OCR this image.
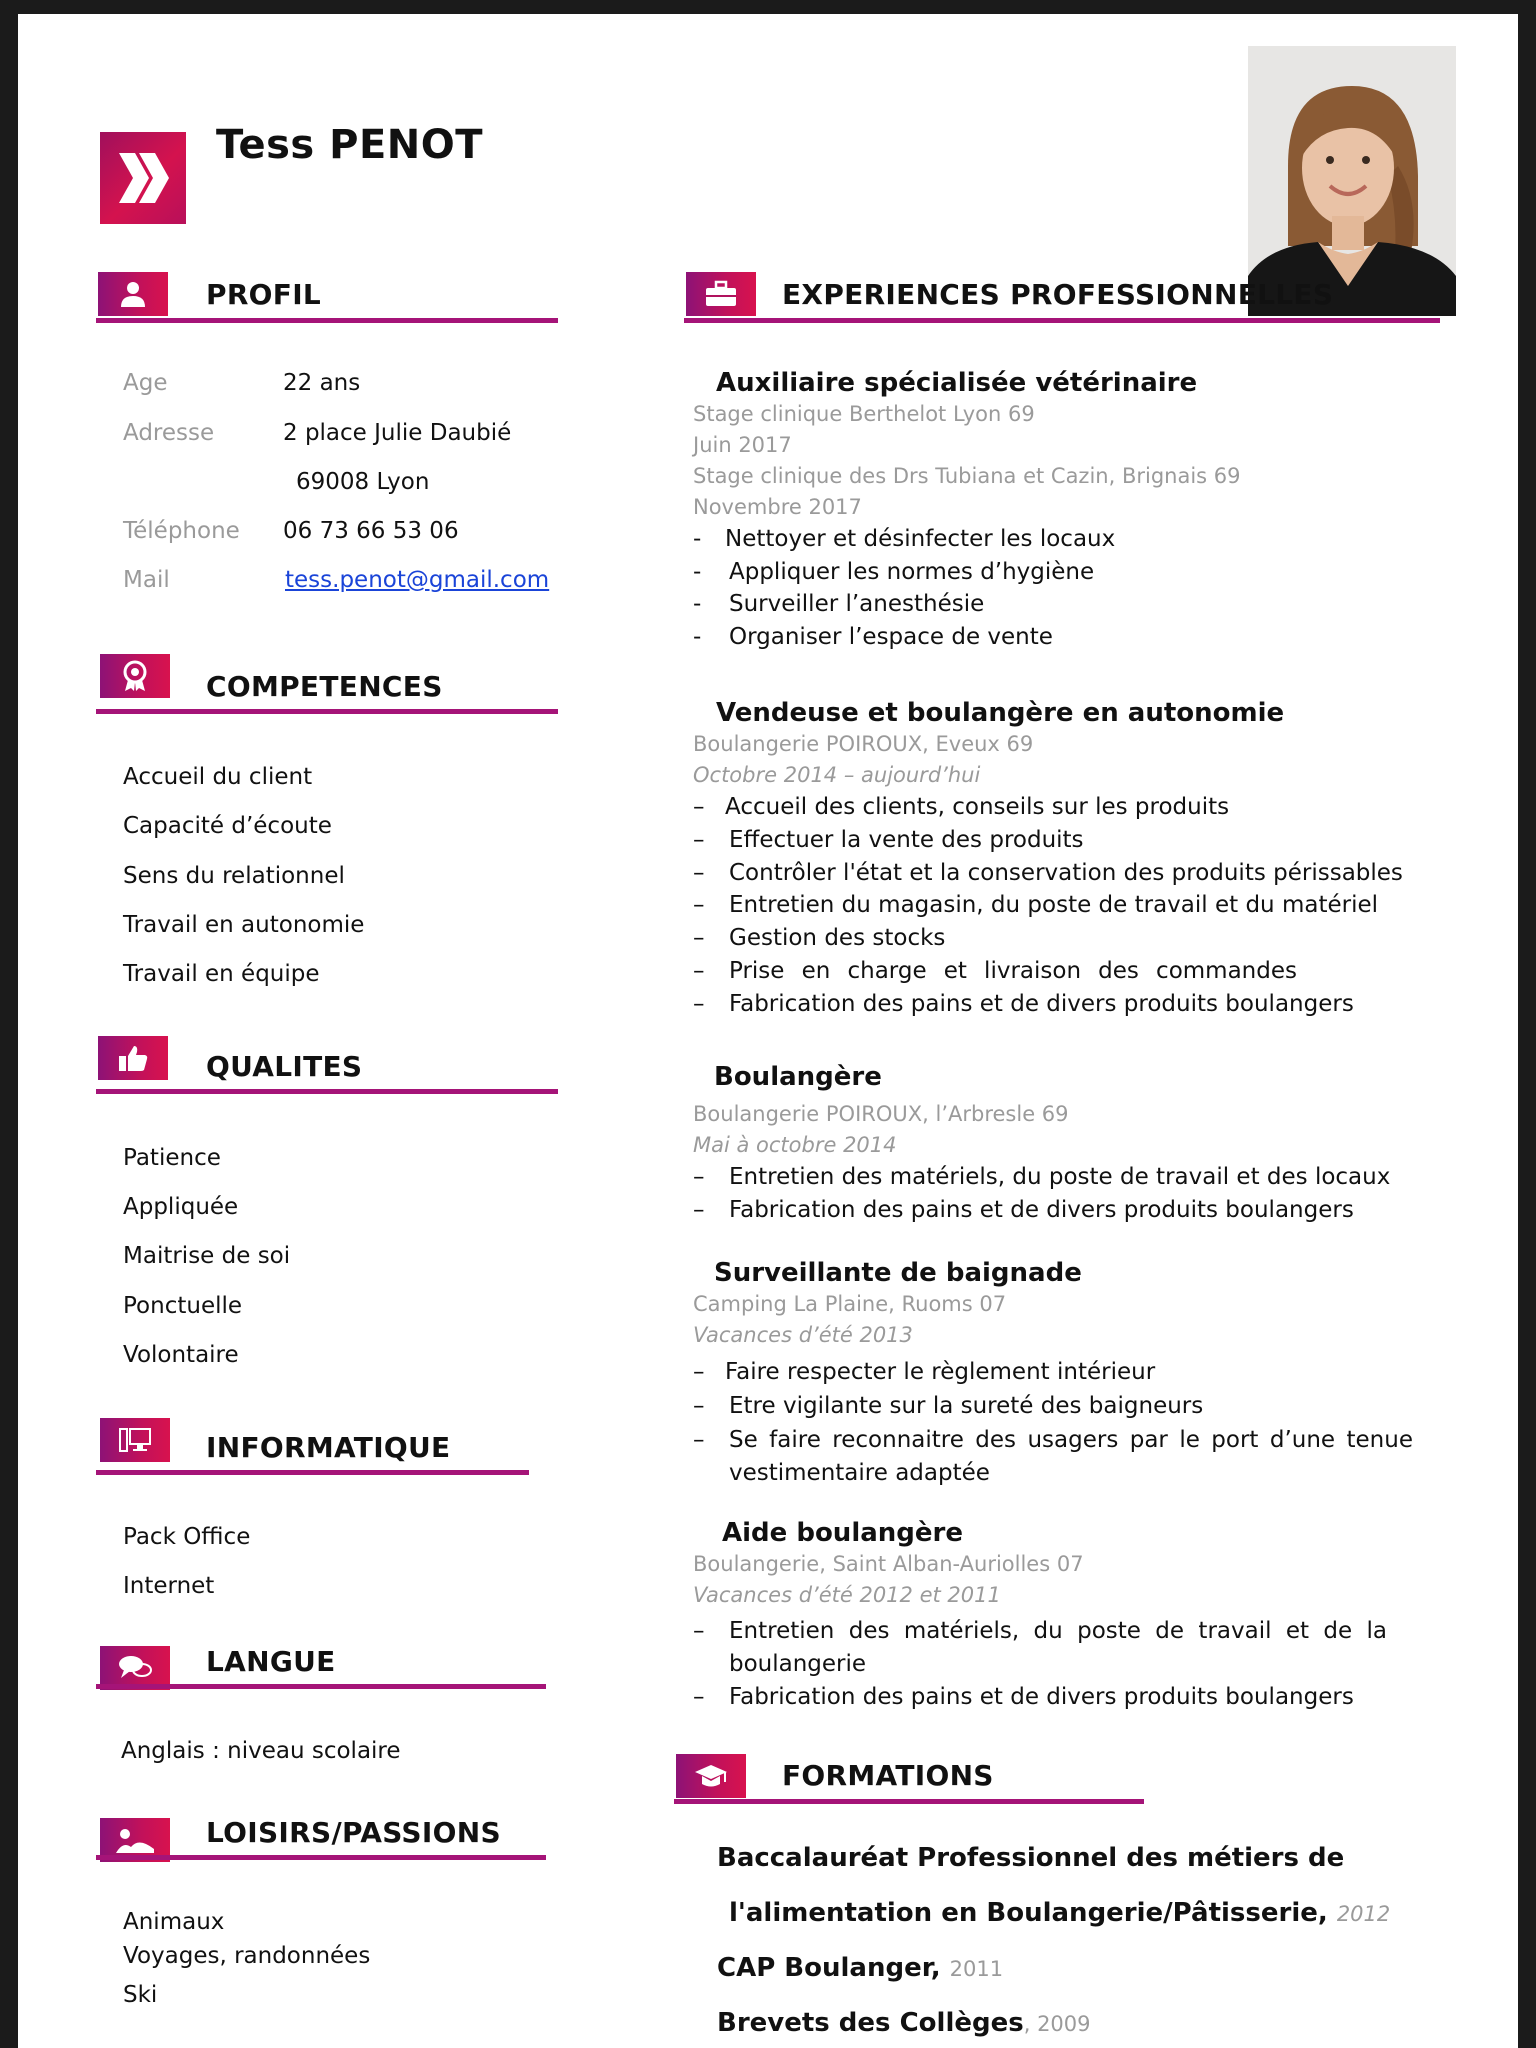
Tess PENOT
PROFIL
Age	22 ans
Adresse	2 place Julie Daubié
69008 Lyon
Téléphone 06 73 66 53 06
Mail	tess.penot@gmail.com
COMPETENCES
Accueil du client
Capacité d’écoute
Sens du relationnel
Travail en autonomie
Travail en équipe
QUALITES
Patience
Appliquée
Maitrise de soi
Ponctuelle
Volontaire
INFORMATIQUE
Pack Office
Internet
LANGUE
Anglais : niveau scolaire
LOISIRS/PASSIONS
Animaux
Voyages, randonnées
Ski
EXPERIENCES PROFESSIONNELLES
Auxiliaire spécialisée vétérinaire
Stage clinique Berthelot Lyon 69
Juin 2017
Stage clinique des Drs Tubiana et Cazin, Brignais 69
Novembre 2017
-	Nettoyer et désinfecter les locaux
-	Appliquer les normes d’hygiène
-	Surveiller l’anesthésie
-	Organiser l’espace de vente
Vendeuse et boulangère en autonomie
Boulangerie POIROUX, Eveux 69
Octobre 2014 – aujourd’hui
– Accueil des clients, conseils sur les produits
–	Effectuer la vente des produits
–	Contrôler l'état et la conservation des produits périssables
–	Entretien du magasin, du poste de travail et du matériel
–	Gestion des stocks
–	Prise en charge et livraison des commandes
–	Fabrication des pains et de divers produits boulangers
Boulangère
Boulangerie POIROUX, l’Arbresle 69
Mai à octobre 2014
–	Entretien des matériels, du poste de travail et des locaux
–	Fabrication des pains et de divers produits boulangers
Surveillante de baignade
Camping La Plaine, Ruoms 07
Vacances d’été 2013
– Faire respecter le règlement intérieur
–	Etre vigilante sur la sureté des baigneurs
–	Se faire reconnaitre des usagers par le port d’une tenue
vestimentaire adaptée
Aide boulangère
Boulangerie, Saint Alban-Auriolles 07
Vacances d’été 2012 et 2011
–	Entretien des matériels, du poste de travail et de la
boulangerie
–	Fabrication des pains et de divers produits boulangers
FORMATIONS
Baccalauréat Professionnel des métiers de
l'alimentation en Boulangerie/Pâtisserie, 2012
CAP Boulanger, 2011
Brevets des Collèges, 2009
